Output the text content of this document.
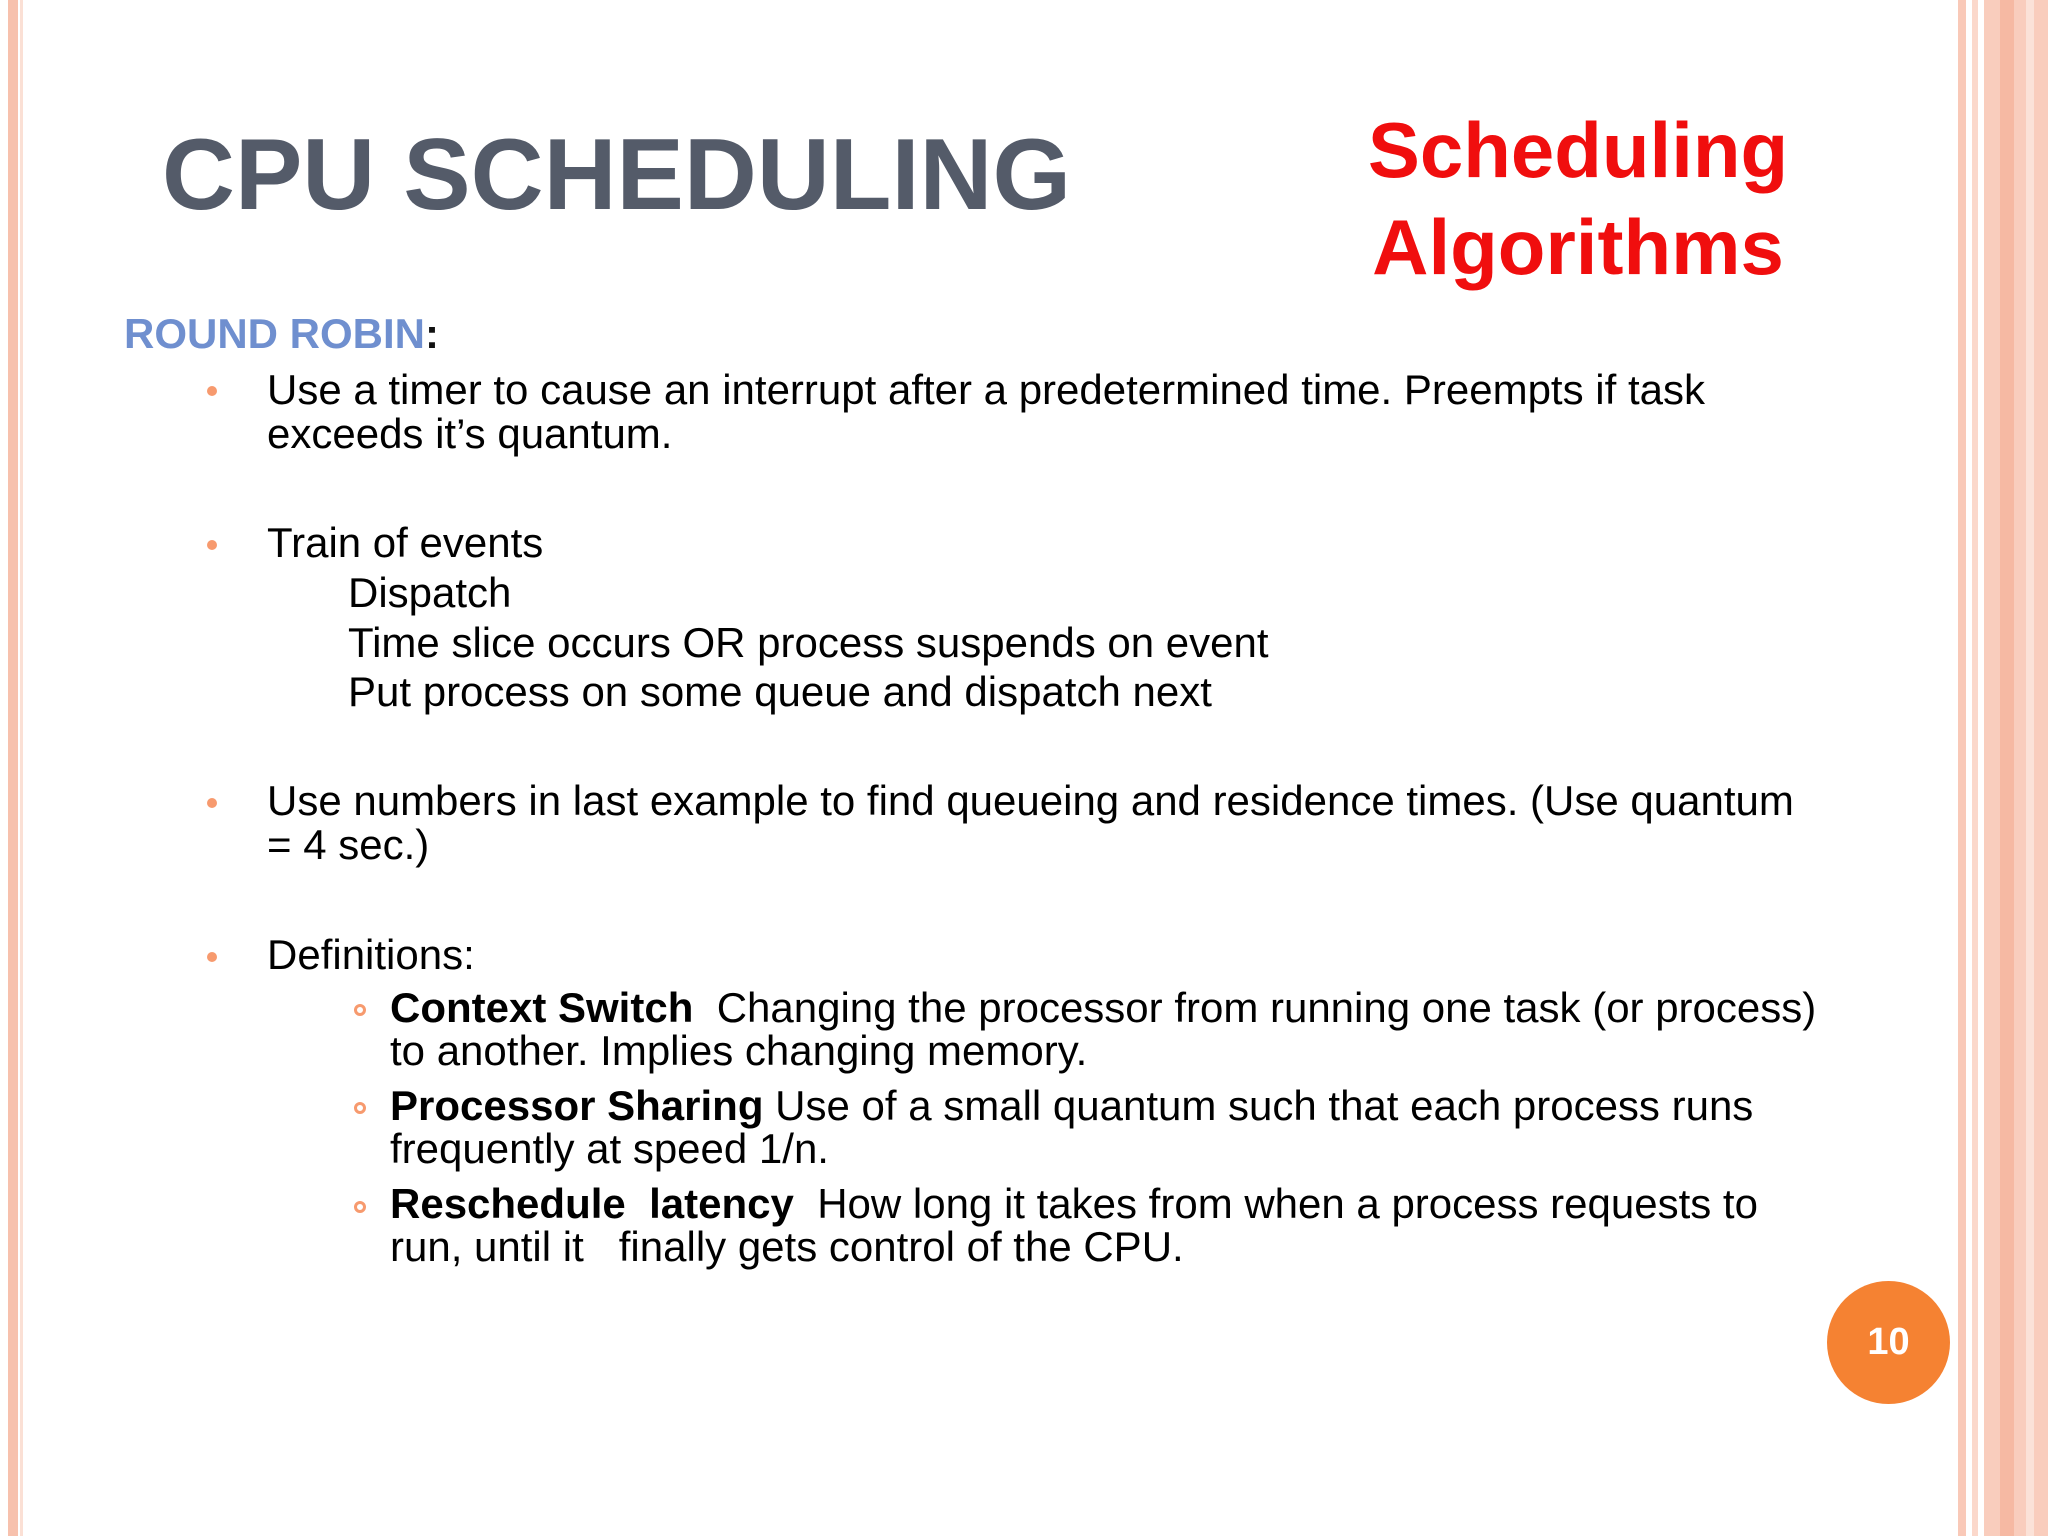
CPU SCHEDULING	Scheduling
Algorithms
ROUND ROBIN:
Use a timer to cause an interrupt after a predetermined time. Preempts if task
exceeds it’s quantum.
Train of events
Dispatch
Time slice occurs OR process suspends on event
Put process on some queue and dispatch next
Use numbers in last example to find queueing and residence times. (Use quantum
= 4 sec.)
Definitions:
Context Switch Changing the processor from running one task (or process)
to another. Implies changing memory.
Processor Sharing Use of a small quantum such that each process runs
frequently at speed 1/n.
Reschedule  latency How long it takes from when a process requests to
run, until it   finally gets control of the CPU.
10
